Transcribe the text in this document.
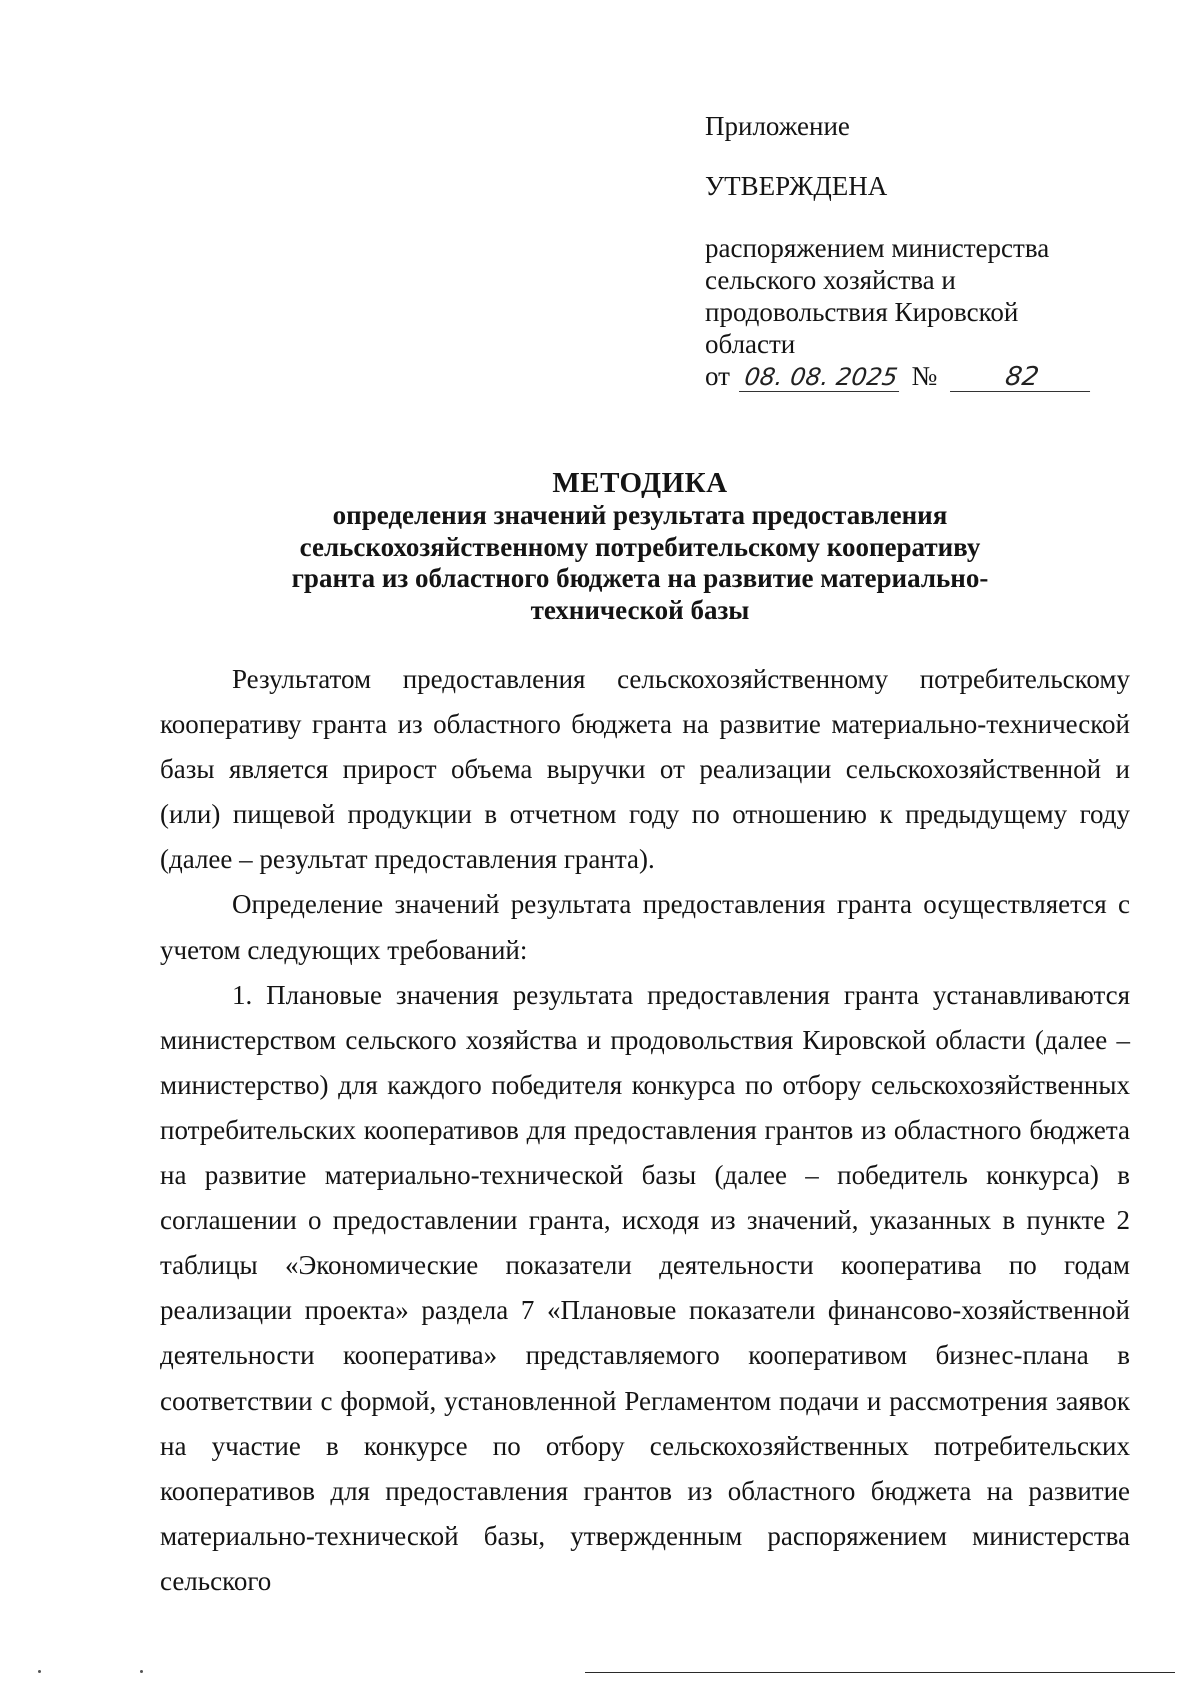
Приложение
УТВЕРЖДЕНА
распоряжением министерства
сельского хозяйства и
продовольствия Кировской
области
от 08. 08. 2025 №	82
МЕТОДИКА
определения значений результата предоставления
сельскохозяйственному потребительскому кооперативу
гранта из областного бюджета на развитие материально-
технической базы

Результатом предоставления сельскохозяйственному потребительскому кооперативу гранта из областного бюджета на развитие материально-технической базы является прирост объема выручки от реализации сельскохозяйственной и (или) пищевой продукции в отчетном году по отношению к предыдущему году (далее – результат предоставления гранта).

Определение значений результата предоставления гранта осуществляется с учетом следующих требований:

1. Плановые значения результата предоставления гранта устанавливаются министерством сельского хозяйства и продовольствия Кировской области (далее – министерство) для каждого победителя конкурса по отбору сельскохозяйственных потребительских кооперативов для предоставления грантов из областного бюджета на развитие материально-технической базы (далее – победитель конкурса) в соглашении о предоставлении гранта, исходя из значений, указанных в пункте 2 таблицы «Экономические показатели деятельности кооператива по годам реализации проекта» раздела 7 «Плановые показатели финансово-хозяйственной деятельности кооператива» представляемого кооперативом бизнес-плана в соответствии с формой, установленной Регламентом подачи и рассмотрения заявок на участие в конкурсе по отбору сельскохозяйственных потребительских кооперативов для предоставления грантов из областного бюджета на развитие материально-технической базы, утвержденным распоряжением министерства сельского
